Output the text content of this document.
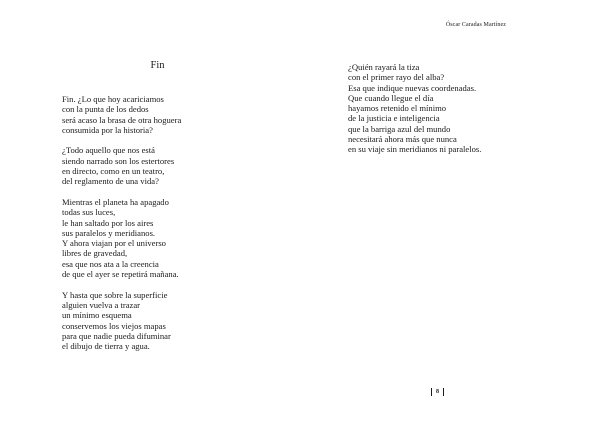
Fin
Fin. ¿Lo que hoy acariciamos
con la punta de los dedos
será acaso la brasa de otra hoguera
consumida por la historia?
¿Todo aquello que nos está
siendo narrado son los estertores
en directo, como en un teatro,
del reglamento de una vida?
Mientras el planeta ha apagado
todas sus luces,
le han saltado por los aires
sus paralelos y meridianos.
Y ahora viajan por el universo
libres de gravedad,
esa que nos ata a la creencia
de que el ayer se repetirá mañana.
Y hasta que sobre la superficie
alguien vuelva a trazar
un mínimo esquema
conservemos los viejos mapas
para que nadie pueda difuminar
el dibujo de tierra y agua.
Óscar Caradas Martínez
¿Quién rayará la tiza
con el primer rayo del alba?
Esa que indique nuevas coordenadas.
Que cuando llegue el día
hayamos retenido el mínimo
de la justicia e inteligencia
que la barriga azul del mundo
necesitará ahora más que nunca
en su viaje sin meridianos ni paralelos.
8
